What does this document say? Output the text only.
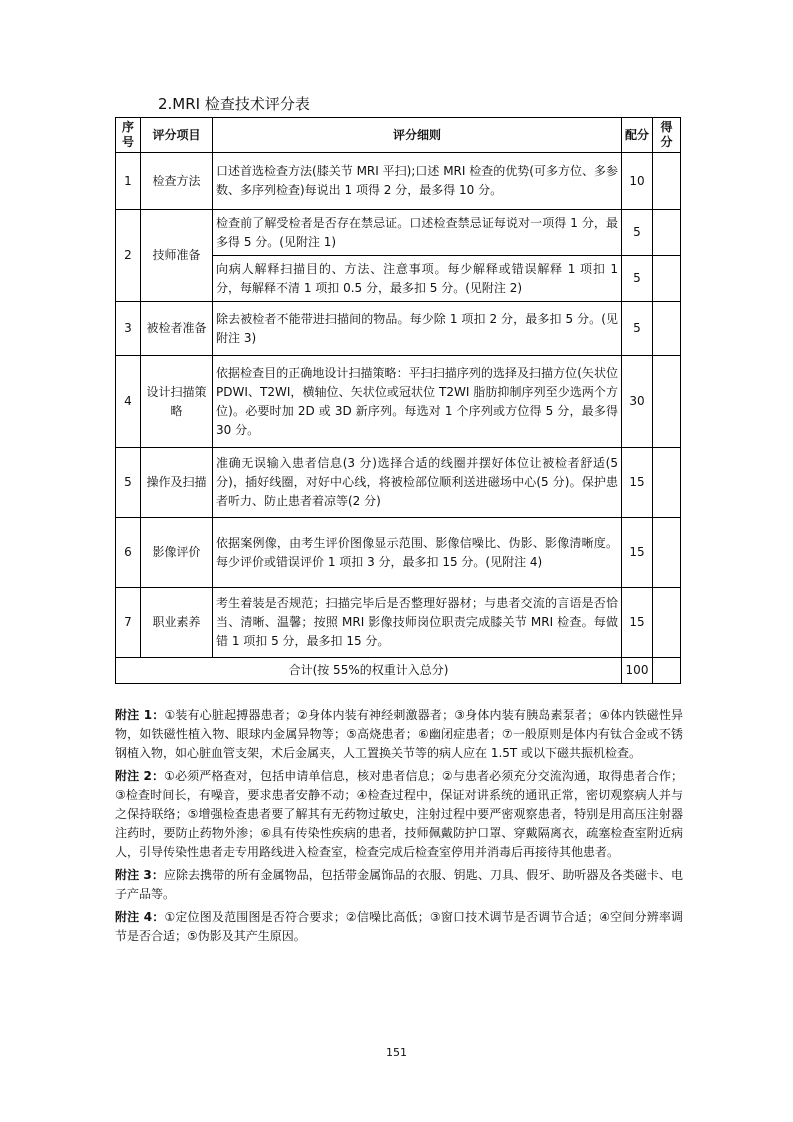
2.MRI 检查技术评分表
序号	评分项目	评分细则	配分	得分
1	检查方法	口述首选检查方法(膝关节 MRI 平扫);口述 MRI 检查的优势(可多方位、多参数、多序列检查)每说出 1 项得 2 分，最多得 10 分。	10	
2	技师准备	检查前了解受检者是否存在禁忌证。口述检查禁忌证每说对一项得 1 分，最多得 5 分。(见附注 1)	5	
		向病人解释扫描目的、方法、注意事项。每少解释或错误解释 1 项扣 1 分，每解释不清 1 项扣 0.5 分，最多扣 5 分。(见附注 2)	5	
3	被检者准备	除去被检者不能带进扫描间的物品。每少除 1 项扣 2 分，最多扣 5 分。(见附注 3)	5	
4	设计扫描策略	依据检查目的正确地设计扫描策略：平扫扫描序列的选择及扫描方位(矢状位 PDWI、T2WI，横轴位、矢状位或冠状位 T2WI 脂肪抑制序列至少选两个方位)。必要时加 2D 或 3D 新序列。每选对 1 个序列或方位得 5 分，最多得 30 分。	30	
5	操作及扫描	准确无误输入患者信息(3 分)选择合适的线圈并摆好体位让被检者舒适(5 分)，插好线圈，对好中心线，将被检部位顺利送进磁场中心(5 分)。保护患者听力、防止患者着凉等(2 分)	15	
6	影像评价	依据案例像，由考生评价图像显示范围、影像信噪比、伪影、影像清晰度。每少评价或错误评价 1 项扣 3 分，最多扣 15 分。(见附注 4)	15	
7	职业素养	考生着装是否规范；扫描完毕后是否整理好器材；与患者交流的言语是否恰当、清晰、温馨；按照 MRI 影像技师岗位职责完成膝关节 MRI 检查。每做错 1 项扣 5 分，最多扣 15 分。	15	
合计(按 55%的权重计入总分)			100	

附注 1：①装有心脏起搏器患者；②身体内装有神经刺激器者；③身体内装有胰岛素泵者；④体内铁磁性异物，如铁磁性植入物、眼球内金属异物等；⑤高烧患者；⑥幽闭症患者；⑦一般原则是体内有钛合金或不锈钢植入物，如心脏血管支架，术后金属夹，人工置换关节等的病人应在 1.5T 或以下磁共振机检查。

附注 2：①必须严格查对，包括申请单信息，核对患者信息；②与患者必须充分交流沟通，取得患者合作；③检查时间长，有噪音，要求患者安静不动；④检查过程中，保证对讲系统的通讯正常，密切观察病人并与之保持联络；⑤增强检查患者要了解其有无药物过敏史，注射过程中要严密观察患者，特别是用高压注射器注药时，要防止药物外渗；⑥具有传染性疾病的患者，技师佩戴防护口罩、穿戴隔离衣，疏塞检查室附近病人，引导传染性患者走专用路线进入检查室，检查完成后检查室停用并消毒后再接待其他患者。

附注 3：应除去携带的所有金属物品，包括带金属饰品的衣服、钥匙、刀具、假牙、助听器及各类磁卡、电子产品等。

附注 4：①定位图及范围图是否符合要求；②信噪比高低；③窗口技术调节是否调节合适；④空间分辨率调节是否合适；⑤伪影及其产生原因。

151
